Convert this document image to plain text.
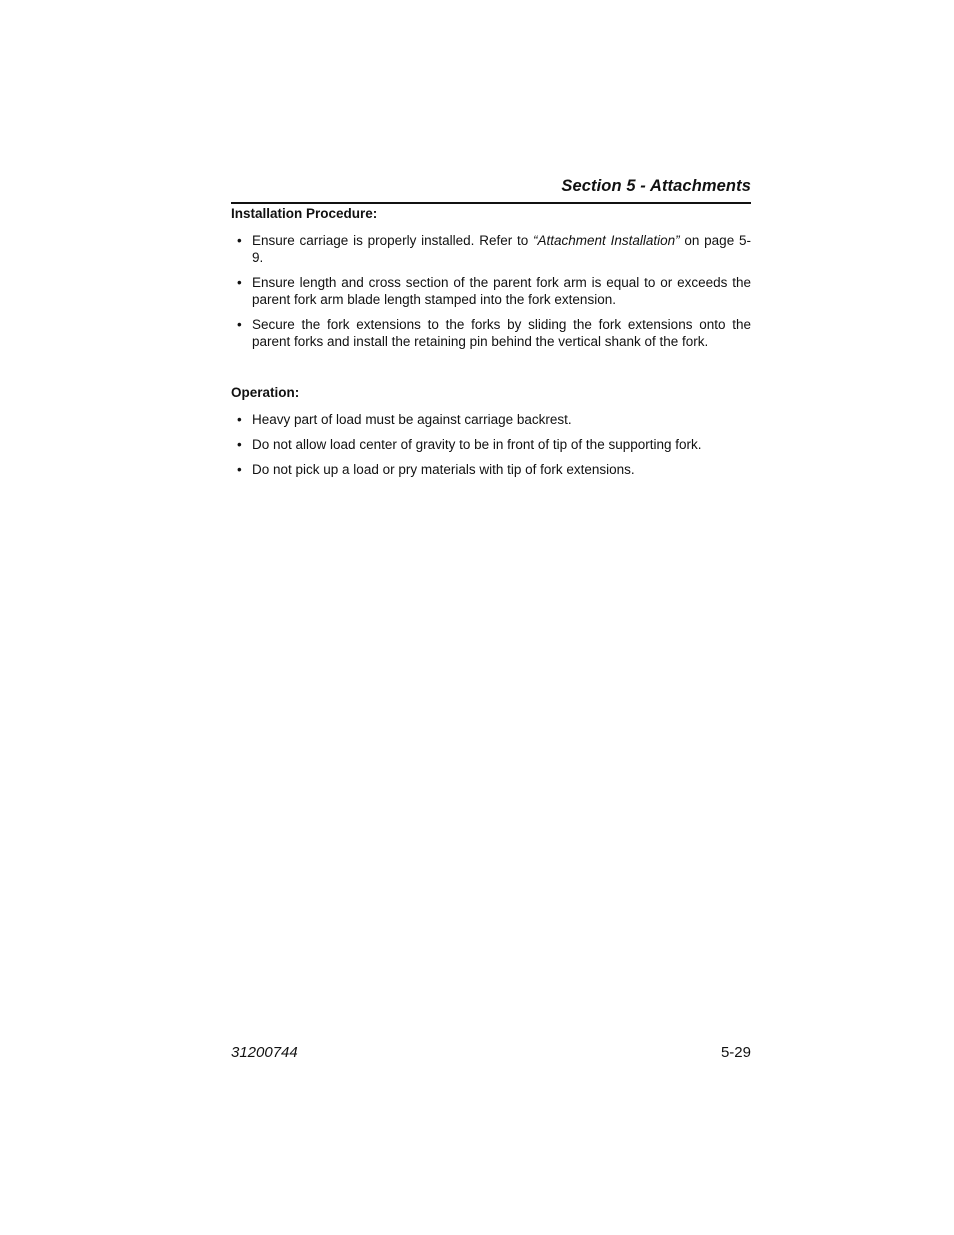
Section 5 - Attachments

Installation Procedure:

• Ensure carriage is properly installed. Refer to “Attachment Installation” on page 5-9.
• Ensure length and cross section of the parent fork arm is equal to or exceeds the parent fork arm blade length stamped into the fork extension.
• Secure the fork extensions to the forks by sliding the fork extensions onto the parent forks and install the retaining pin behind the vertical shank of the fork.

Operation:

• Heavy part of load must be against carriage backrest.
• Do not allow load center of gravity to be in front of tip of the supporting fork.
• Do not pick up a load or pry materials with tip of fork extensions.
31200744	5-29
